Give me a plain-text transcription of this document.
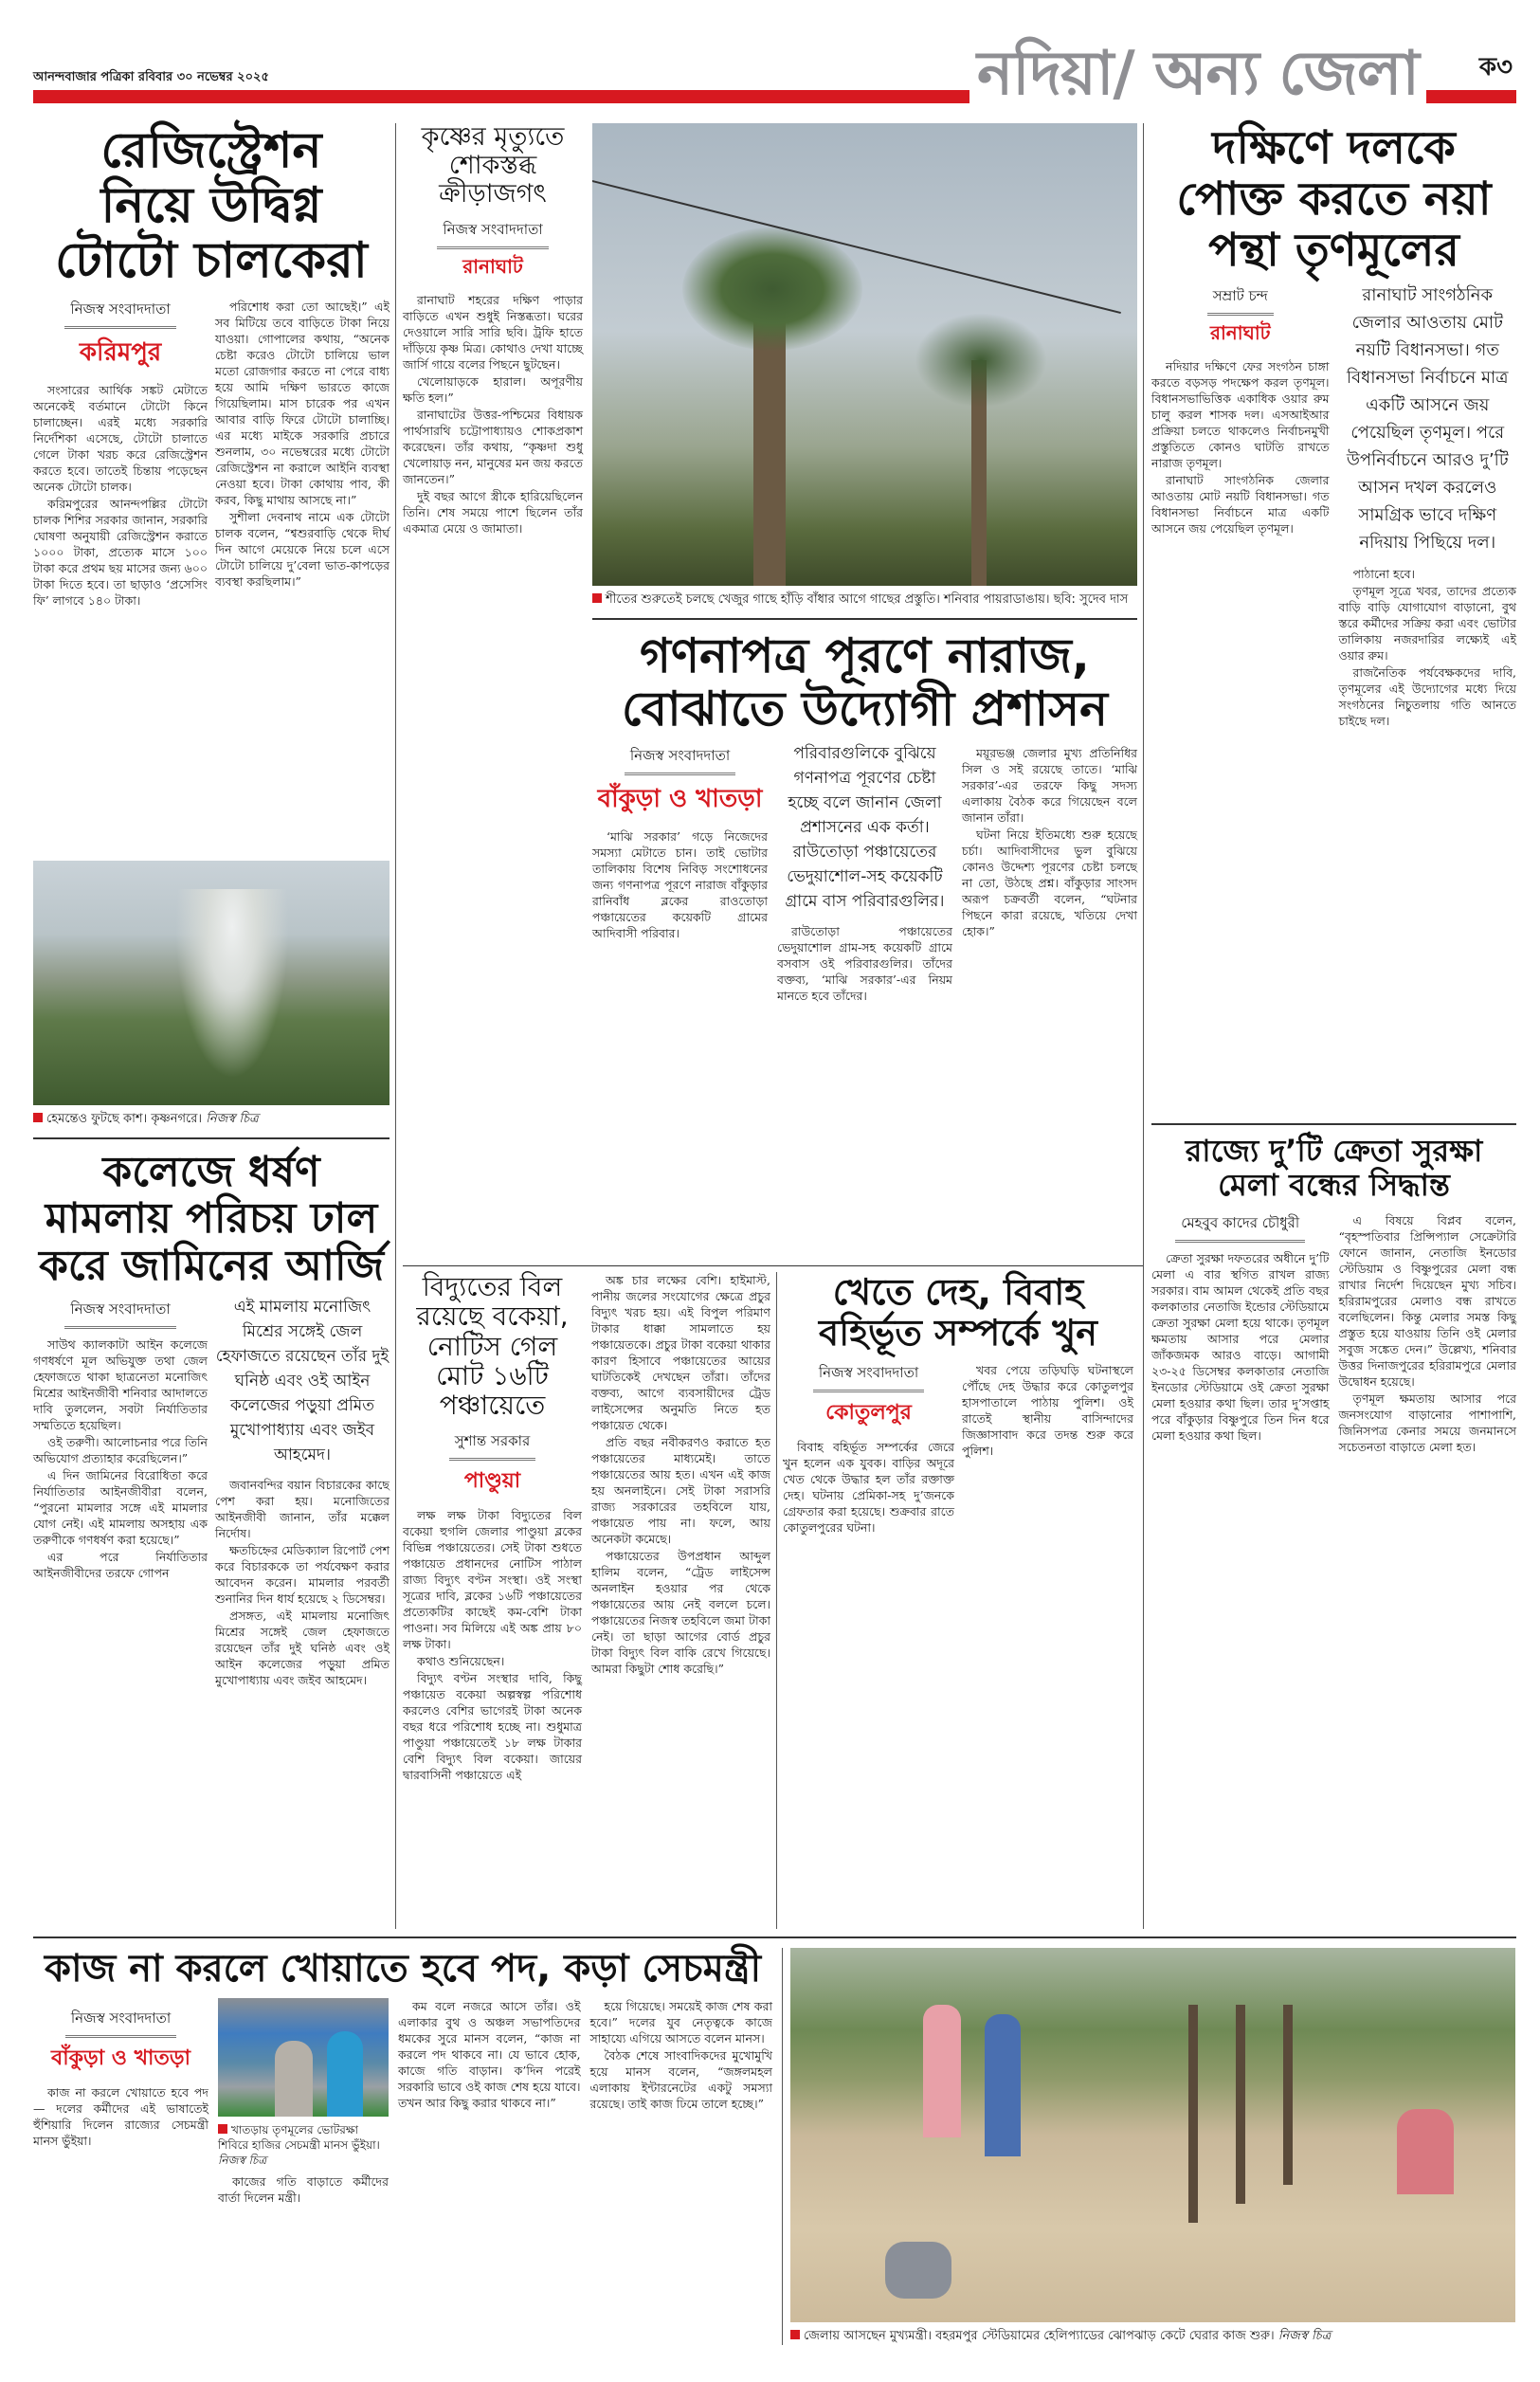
আনন্দবাজার পত্রিকা রবিবার ৩০ নভেম্বর ২০২৫	নদিয়া/ অন্য জেলা	ক৩
রেজিস্ট্রেশন
নিয়ে উদ্বিগ্ন
টোটো চালকেরা
নিজস্ব সংবাদদাতা
করিমপুর

সংসারের আর্থিক সঙ্কট মেটাতে অনেকেই বর্তমানে টোটো কিনে চালাচ্ছেন। এরই মধ্যে সরকারি নির্দেশিকা এসেছে, টোটো চালাতে গেলে টাকা খরচ করে রেজিস্ট্রেশন করতে হবে। তাতেই চিন্তায় পড়েছেন অনেক টোটো চালক।

করিমপুরের আনন্দপল্লির টোটো চালক শিশির সরকার জানান, সরকারি ঘোষণা অনুযায়ী রেজিস্ট্রেশন করাতে ১০০০ টাকা, প্রত্যেক মাসে ১০০ টাকা করে প্রথম ছয় মাসের জন্য ৬০০ টাকা দিতে হবে। তা ছাড়াও ‘প্রসেসিং ফি’ লাগবে ১৪০ টাকা।

পরিশোধ করা তো আছেই।” এই সব মিটিয়ে তবে বাড়িতে টাকা নিয়ে যাওয়া। গোপালের কথায়, “অনেক চেষ্টা করেও টোটো চালিয়ে ভাল মতো রোজগার করতে না পেরে বাধ্য হয়ে আমি দক্ষিণ ভারতে কাজে গিয়েছিলাম। মাস চারেক পর এখন আবার বাড়ি ফিরে টোটো চালাচ্ছি। এর মধ্যে মাইকে সরকারি প্রচারে শুনলাম, ৩০ নভেম্বরের মধ্যে টোটো রেজিস্ট্রেশন না করালে আইনি ব্যবস্থা নেওয়া হবে। টাকা কোথায় পাব, কী করব, কিছু মাথায় আসছে না।”

সুশীলা দেবনাথ নামে এক টোটো চালক বলেন, “শ্বশুরবাড়ি থেকে দীর্ঘ দিন আগে মেয়েকে নিয়ে চলে এসে টোটো চালিয়ে দু’বেলা ভাত-কাপড়ের ব্যবস্থা করছিলাম।”

হেমন্তেও ফুটছে কাশ। কৃষ্ণনগরে। নিজস্ব চিত্র
কলেজে ধর্ষণ
মামলায় পরিচয় ঢাল
করে জামিনের আর্জি
নিজস্ব সংবাদদাতা

সাউথ ক্যালকাটা আইন কলেজে গণধর্ষণে মূল অভিযুক্ত তথা জেল হেফাজতে থাকা ছাত্রনেতা মনোজিৎ মিশ্রের আইনজীবী শনিবার আদালতে দাবি তুললেন, সবটা নির্যাতিতার সম্মতিতে হয়েছিল।

ওই তরুণী। আলোচনার পরে তিনি অভিযোগ প্রত্যাহার করেছিলেন।”

এ দিন জামিনের বিরোধিতা করে নির্যাতিতার আইনজীবীরা বলেন, “পুরনো মামলার সঙ্গে এই মামলার যোগ নেই। এই মামলায় অসহায় এক তরুণীকে গণধর্ষণ করা হয়েছে।”

এর পরে নির্যাতিতার আইনজীবীদের তরফে গোপন

এই মামলায় মনোজিৎ মিশ্রের সঙ্গেই জেল হেফাজতে রয়েছেন তাঁর দুই ঘনিষ্ঠ এবং ওই আইন কলেজের পড়ুয়া প্রমিত মুখোপাধ্যায় এবং জইব আহমেদ।

জবানবন্দির বয়ান বিচারকের কাছে পেশ করা হয়। মনোজিতের আইনজীবী জানান, তাঁর মক্কেল নির্দোষ।

ক্ষতচিহ্নের মেডিক্যাল রিপোর্ট পেশ করে বিচারককে তা পর্যবেক্ষণ করার আবেদন করেন। মামলার পরবর্তী শুনানির দিন ধার্য হয়েছে ২ ডিসেম্বর।

প্রসঙ্গত, এই মামলায় মনোজিৎ মিশ্রের সঙ্গেই জেল হেফাজতে রয়েছেন তাঁর দুই ঘনিষ্ঠ এবং ওই আইন কলেজের পড়ুয়া প্রমিত মুখোপাধ্যায় এবং জইব আহমেদ।

কৃষ্ণের মৃত্যুতে
শোকস্তব্ধ
ক্রীড়াজগৎ
নিজস্ব সংবাদদাতা
রানাঘাট

রানাঘাট শহরের দক্ষিণ পাড়ার বাড়িতে এখন শুধুই নিস্তব্ধতা। ঘরের দেওয়ালে সারি সারি ছবি। ট্রফি হাতে দাঁড়িয়ে কৃষ্ণ মিত্র। কোথাও দেখা যাচ্ছে জার্সি গায়ে বলের পিছনে ছুটছেন।

খেলোয়াড়কে হারাল। অপূরণীয় ক্ষতি হল।”

রানাঘাটের উত্তর-পশ্চিমের বিধায়ক পার্থসারথি চট্টোপাধ্যায়ও শোকপ্রকাশ করেছেন। তাঁর কথায়, “কৃষ্ণদা শুধু খেলোয়াড় নন, মানুষের মন জয় করতে জানতেন।”

দুই বছর আগে স্ত্রীকে হারিয়েছিলেন তিনি। শেষ সময়ে পাশে ছিলেন তাঁর একমাত্র মেয়ে ও জামাতা।

শীতের শুরুতেই চলছে খেজুর গাছে হাঁড়ি বাঁধার আগে গাছের প্রস্তুতি। শনিবার পায়রাডাঙায়। ছবি: সুদেব দাস
গণনাপত্র পূরণে নারাজ,
বোঝাতে উদ্যোগী প্রশাসন
নিজস্ব সংবাদদাতা
বাঁকুড়া ও খাতড়া

‘মাঝি সরকার’ গড়ে নিজেদের সমস্যা মেটাতে চান। তাই ভোটার তালিকায় বিশেষ নিবিড় সংশোধনের জন্য গণনাপত্র পূরণে নারাজ বাঁকুড়ার রানিবাঁধ ব্লকের রাওতোড়া পঞ্চায়েতের কয়েকটি গ্রামের আদিবাসী পরিবার।

পরিবারগুলিকে বুঝিয়ে গণনাপত্র পূরণের চেষ্টা হচ্ছে বলে জানান জেলা প্রশাসনের এক কর্তা। রাউতোড়া পঞ্চায়েতের ভেদুয়াশোল-সহ কয়েকটি গ্রামে বাস পরিবারগুলির।

রাউতোড়া পঞ্চায়েতের ভেদুয়াশোল গ্রাম-সহ কয়েকটি গ্রামে বসবাস ওই পরিবারগুলির। তাঁদের বক্তব্য, ‘মাঝি সরকার’-এর নিয়ম মানতে হবে তাঁদের।

ময়ূরভঞ্জ জেলার মুখ্য প্রতিনিধির সিল ও সই রয়েছে তাতে। ‘মাঝি সরকার’-এর তরফে কিছু সদস্য এলাকায় বৈঠক করে গিয়েছেন বলে জানান তাঁরা।

ঘটনা নিয়ে ইতিমধ্যে শুরু হয়েছে চর্চা। আদিবাসীদের ভুল বুঝিয়ে কোনও উদ্দেশ্য পূরণের চেষ্টা চলছে না তো, উঠছে প্রশ্ন। বাঁকুড়ার সাংসদ অরূপ চক্রবর্তী বলেন, “ঘটনার পিছনে কারা রয়েছে, খতিয়ে দেখা হোক।”

বিদ্যুতের বিল
রয়েছে বকেয়া,
নোটিস গেল
মোট ১৬টি
পঞ্চায়েতে
সুশান্ত সরকার
পাণ্ডুয়া

লক্ষ লক্ষ টাকা বিদ্যুতের বিল বকেয়া হুগলি জেলার পাণ্ডুয়া ব্লকের বিভিন্ন পঞ্চায়েতের। সেই টাকা শুধতে পঞ্চায়েত প্রধানদের নোটিস পাঠাল রাজ্য বিদ্যুৎ বণ্টন সংস্থা। ওই সংস্থা সূত্রের দাবি, ব্লকের ১৬টি পঞ্চায়েতের প্রত্যেকটির কাছেই কম-বেশি টাকা পাওনা। সব মিলিয়ে এই অঙ্ক প্রায় ৮০ লক্ষ টাকা।

কথাও শুনিয়েছেন।

বিদ্যুৎ বণ্টন সংস্থার দাবি, কিছু পঞ্চায়েত বকেয়া অল্পস্বল্প পরিশোধ করলেও বেশির ভাগেরই টাকা অনেক বছর ধরে পরিশোধ হচ্ছে না। শুধুমাত্র পাণ্ডুয়া পঞ্চায়েতেই ১৮ লক্ষ টাকার বেশি বিদ্যুৎ বিল বকেয়া। জায়ের দ্বারবাসিনী পঞ্চায়েতে এই

অঙ্ক চার লক্ষের বেশি। হাইমাস্ট, পানীয় জলের সংযোগের ক্ষেত্রে প্রচুর বিদ্যুৎ খরচ হয়। এই বিপুল পরিমাণ টাকার ধাক্কা সামলাতে হয় পঞ্চায়েতকে। প্রচুর টাকা বকেয়া থাকার কারণ হিসাবে পঞ্চায়েতের আয়ের ঘাটতিকেই দেখছেন তাঁরা। তাঁদের বক্তব্য, আগে ব্যবসায়ীদের ট্রেড লাইসেন্সের অনুমতি নিতে হত পঞ্চায়েত থেকে।

প্রতি বছর নবীকরণও করাতে হত পঞ্চায়েতের মাধ্যমেই। তাতে পঞ্চায়েতের আয় হত। এখন এই কাজ হয় অনলাইনে। সেই টাকা সরাসরি রাজ্য সরকারের তহবিলে যায়, পঞ্চায়েত পায় না। ফলে, আয় অনেকটা কমেছে।

পঞ্চায়েতের উপপ্রধান আব্দুল হালিম বলেন, “ট্রেড লাইসেন্স অনলাইন হওয়ার পর থেকে পঞ্চায়েতের আয় নেই বললে চলে। পঞ্চায়েতের নিজস্ব তহবিলে জমা টাকা নেই। তা ছাড়া আগের বোর্ড প্রচুর টাকা বিদ্যুৎ বিল বাকি রেখে গিয়েছে। আমরা কিছুটা শোধ করেছি।”

খেতে দেহ, বিবাহ
বহির্ভূত সম্পর্কে খুন
নিজস্ব সংবাদদাতা
কোতুলপুর

বিবাহ বহির্ভূত সম্পর্কের জেরে খুন হলেন এক যুবক। বাড়ির অদূরে খেত থেকে উদ্ধার হল তাঁর রক্তাক্ত দেহ। ঘটনায় প্রেমিকা-সহ দু’জনকে গ্রেফতার করা হয়েছে। শুক্রবার রাতে কোতুলপুরের ঘটনা।

খবর পেয়ে তড়িঘড়ি ঘটনাস্থলে পৌঁছে দেহ উদ্ধার করে কোতুলপুর হাসপাতালে পাঠায় পুলিশ। ওই রাতেই স্থানীয় বাসিন্দাদের জিজ্ঞাসাবাদ করে তদন্ত শুরু করে পুলিশ।

দক্ষিণে দলকে
পোক্ত করতে নয়া
পন্থা তৃণমূলের
সম্রাট চন্দ
রানাঘাট

নদিয়ার দক্ষিণে ফের সংগঠন চাঙ্গা করতে বড়সড় পদক্ষেপ করল তৃণমূল। বিধানসভাভিত্তিক একাধিক ওয়ার রুম চালু করল শাসক দল। এসআইআর প্রক্রিয়া চলতে থাকলেও নির্বাচনমুখী প্রস্তুতিতে কোনও ঘাটতি রাখতে নারাজ তৃণমূল।

রানাঘাট সাংগঠনিক জেলার আওতায় মোট নয়টি বিধানসভা। গত বিধানসভা নির্বাচনে মাত্র একটি আসনে জয় পেয়েছিল তৃণমূল।

রানাঘাট সাংগঠনিক জেলার আওতায় মোট নয়টি বিধানসভা। গত বিধানসভা নির্বাচনে মাত্র একটি আসনে জয় পেয়েছিল তৃণমূল। পরে উপনির্বাচনে আরও দু’টি আসন দখল করলেও সামগ্রিক ভাবে দক্ষিণ নদিয়ায় পিছিয়ে দল।

পাঠানো হবে।

তৃণমূল সূত্রে খবর, তাদের প্রত্যেক বাড়ি বাড়ি যোগাযোগ বাড়ানো, বুথ স্তরে কর্মীদের সক্রিয় করা এবং ভোটার তালিকায় নজরদারির লক্ষ্যেই এই ওয়ার রুম।

রাজনৈতিক পর্যবেক্ষকদের দাবি, তৃণমূলের এই উদ্যোগের মধ্যে দিয়ে সংগঠনের নিচুতলায় গতি আনতে চাইছে দল।

রাজ্যে দু’টি ক্রেতা সুরক্ষা
মেলা বন্ধের সিদ্ধান্ত
মেহবুব কাদের চৌধুরী

ক্রেতা সুরক্ষা দফতরের অধীনে দু’টি মেলা এ বার স্থগিত রাখল রাজ্য সরকার। বাম আমল থেকেই প্রতি বছর কলকাতার নেতাজি ইন্ডোর স্টেডিয়ামে ক্রেতা সুরক্ষা মেলা হয়ে থাকে। তৃণমূল ক্ষমতায় আসার পরে মেলার জাঁকজমক আরও বাড়ে। আগামী ২৩-২৫ ডিসেম্বর কলকাতার নেতাজি ইনডোর স্টেডিয়ামে ওই ক্রেতা সুরক্ষা মেলা হওয়ার কথা ছিল। তার দু’সপ্তাহ পরে বাঁকুড়ার বিষ্ণুপুরে তিন দিন ধরে মেলা হওয়ার কথা ছিল।

এ বিষয়ে বিপ্লব বলেন, “বৃহস্পতিবার প্রিন্সিপ্যাল সেক্রেটারি ফোনে জানান, নেতাজি ইনডোর স্টেডিয়াম ও বিষ্ণুপুরের মেলা বন্ধ রাখার নির্দেশ দিয়েছেন মুখ্য সচিব। হরিরামপুরের মেলাও বন্ধ রাখতে বলেছিলেন। কিন্তু মেলার সমস্ত কিছু প্রস্তুত হয়ে যাওয়ায় তিনি ওই মেলার সবুজ সঙ্কেত দেন।” উল্লেখ্য, শনিবার উত্তর দিনাজপুরের হরিরামপুরে মেলার উদ্বোধন হয়েছে।

তৃণমূল ক্ষমতায় আসার পরে জনসংযোগ বাড়ানোর পাশাপাশি, জিনিসপত্র কেনার সময়ে জনমানসে সচেতনতা বাড়াতে মেলা হত।

কাজ না করলে খোয়াতে হবে পদ, কড়া সেচমন্ত্রী
নিজস্ব সংবাদদাতা
বাঁকুড়া ও খাতড়া

কাজ না করলে খোয়াতে হবে পদ— দলের কর্মীদের এই ভাষাতেই হুঁশিয়ারি দিলেন রাজ্যের সেচমন্ত্রী মানস ভুঁইয়া।

খাতড়ায় তৃণমূলের ভোটরক্ষা শিবিরে হাজির সেচমন্ত্রী মানস ভুঁইয়া। নিজস্ব চিত্র

কাজের গতি বাড়াতে কর্মীদের বার্তা দিলেন মন্ত্রী।

কম বলে নজরে আসে তাঁর। ওই এলাকার বুথ ও অঞ্চল সভাপতিদের ধমকের সুরে মানস বলেন, “কাজ না করলে পদ থাকবে না। যে ভাবে হোক, কাজে গতি বাড়ান। ক’দিন পরেই সরকারি ভাবে ওই কাজ শেষ হয়ে যাবে। তখন আর কিছু করার থাকবে না।”

হয়ে গিয়েছে। সময়েই কাজ শেষ করা হবে।” দলের যুব নেতৃত্বকে কাজে সাহায্যে এগিয়ে আসতে বলেন মানস।

বৈঠক শেষে সাংবাদিকদের মুখোমুখি হয়ে মানস বলেন, “জঙ্গলমহল এলাকায় ইন্টারনেটের একটু সমস্যা রয়েছে। তাই কাজ ঢিমে তালে হচ্ছে।”

জেলায় আসছেন মুখ্যমন্ত্রী। বহরমপুর স্টেডিয়ামের হেলিপ্যাডের ঝোপঝাড় কেটে ঘেরার কাজ শুরু। নিজস্ব চিত্র
